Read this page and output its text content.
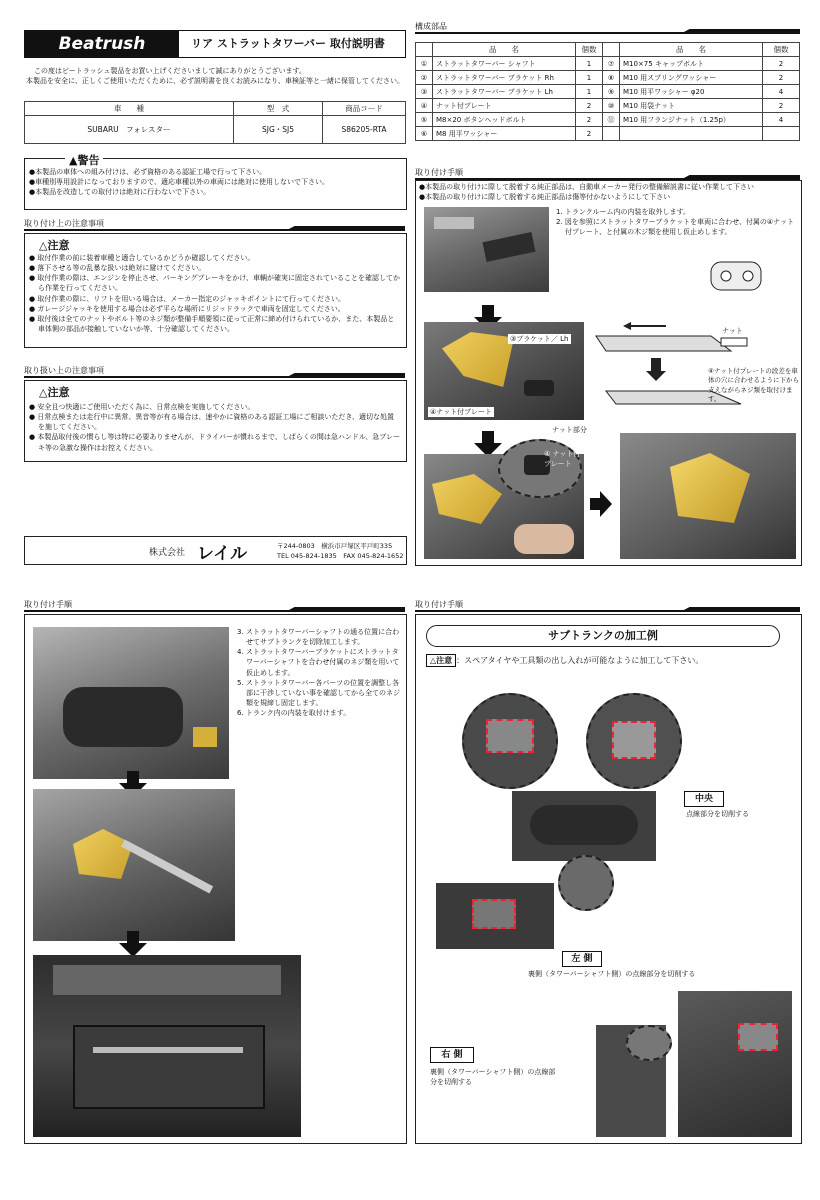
Beatrush	リア ストラットタワーバー 取付説明書
この度はビートラッシュ製品をお買い上げくださいまして誠にありがとうございます。
本製品を安全に、正しくご使用いただくために、必ず説明書を良くお読みになり、車検証等と一緒に保管してください。
車　　種	型　式	商品コード
SUBARU　フォレスター	SJG・SJ5	S86205-RTA
▲警告
●本製品の車体への組み付けは、必ず資格のある認証工場で行って下さい。
●車種別専用設計になっておりますので、適応車種以外の車両には絶対に使用しないで下さい。
●本製品を改造しての取付けは絶対に行わないで下さい。
取り付け上の注意事項
△注意
● 取付作業の前に装着車種と適合しているかどうか確認してください。
● 落下させる等の乱暴な扱いは絶対に避けてください。
● 取付作業の際は、エンジンを停止させ、パーキングブレーキをかけ、車輌が確実に固定されていることを確認してから作業を行ってください。
● 取付作業の際に、リフトを用いる場合は、メーカー指定のジャッキポイントにて行ってください。
● ガレージジャッキを使用する場合は必ず平らな場所にリジッドラックで車両を固定してください。
● 取付後は全てのナットやボルト等のネジ類が整備手順要領に従って正常に締め付けられているか、また、本製品と車体側の部品が接触していないか等、十分確認してください。
取り扱い上の注意事項
△注意
● 安全且つ快適にご使用いただく為に、日常点検を実施してください。
● 日常点検または走行中に異常、異音等が有る場合は、速やかに資格のある認証工場にご相談いただき、適切な処置を施してください。
● 本製品取付後の慣らし等は特に必要ありませんが、ドライバーが慣れるまで、しばらくの間は急ハンドル、急ブレーキ等の急激な操作はお控えください。
株式会社 レイル	〒244-0803　横浜市戸塚区平戸町335
TEL 045-824-1835　FAX 045-824-1652
構成部品
	品　　名	個数		品　　名	個数
①	ストラットタワーバー シャフト	1	⑦	M10×75 キャップボルト	2
②	ストラットタワーバー ブラケット Rh	1	⑧	M10 用スプリングワッシャー	2
③	ストラットタワーバー ブラケット Lh	1	⑨	M10 用平ワッシャー φ20	4
④	ナット付プレート	2	⑩	M10 用袋ナット	2
⑤	M8×20 ボタンヘッドボルト	2	⑪	M10 用フランジナット（1.25p）	4
⑥	M8 用平ワッシャー	2			
取り付け手順
●本製品の取り付けに際して脱着する純正部品は、自動車メーカー発行の整備解説書に従い作業して下さい
●本製品の取り付けに際して脱着する純正部品は傷等付かないようにして下さい
1. トランクルーム内の内装を取外します。
2. 図を参照にストラットタワーブラケットを車両に合わせ、付属の④ナット付プレート、と付属の木ジ類を使用し仮止めします。
ナット
④ナット付プレートの段差を車体の穴に合わせるように下から支えながらネジ類を取付けます。
③ブラケット／ Lh
④ナット付プレート
ナット部分
④ ナット付
プレート
取り付け手順
3. ストラットタワーバーシャフトの通る位置に合わせてサブトランクを切除加工します。
4. ストラットタワーバーブラケットにストラットタワーバーシャフトを合わせ付属のネジ類を用いて仮止めします。
5. ストラットタワーバー各パーツの位置を調整し各部に干渉していない事を確認してから全てのネジ類を規締し固定します。
6. トランク内の内装を取付けます。
取り付け手順
サブトランクの加工例
△注意 ：スペアタイヤや工具類の出し入れが可能なように加工して下さい。
中央
点線部分を切削する
左 側
裏側（タワーバーシャフト側）の点線部分を切削する
右 側
裏側（タワーバーシャフト側）の点線部分を切削する
